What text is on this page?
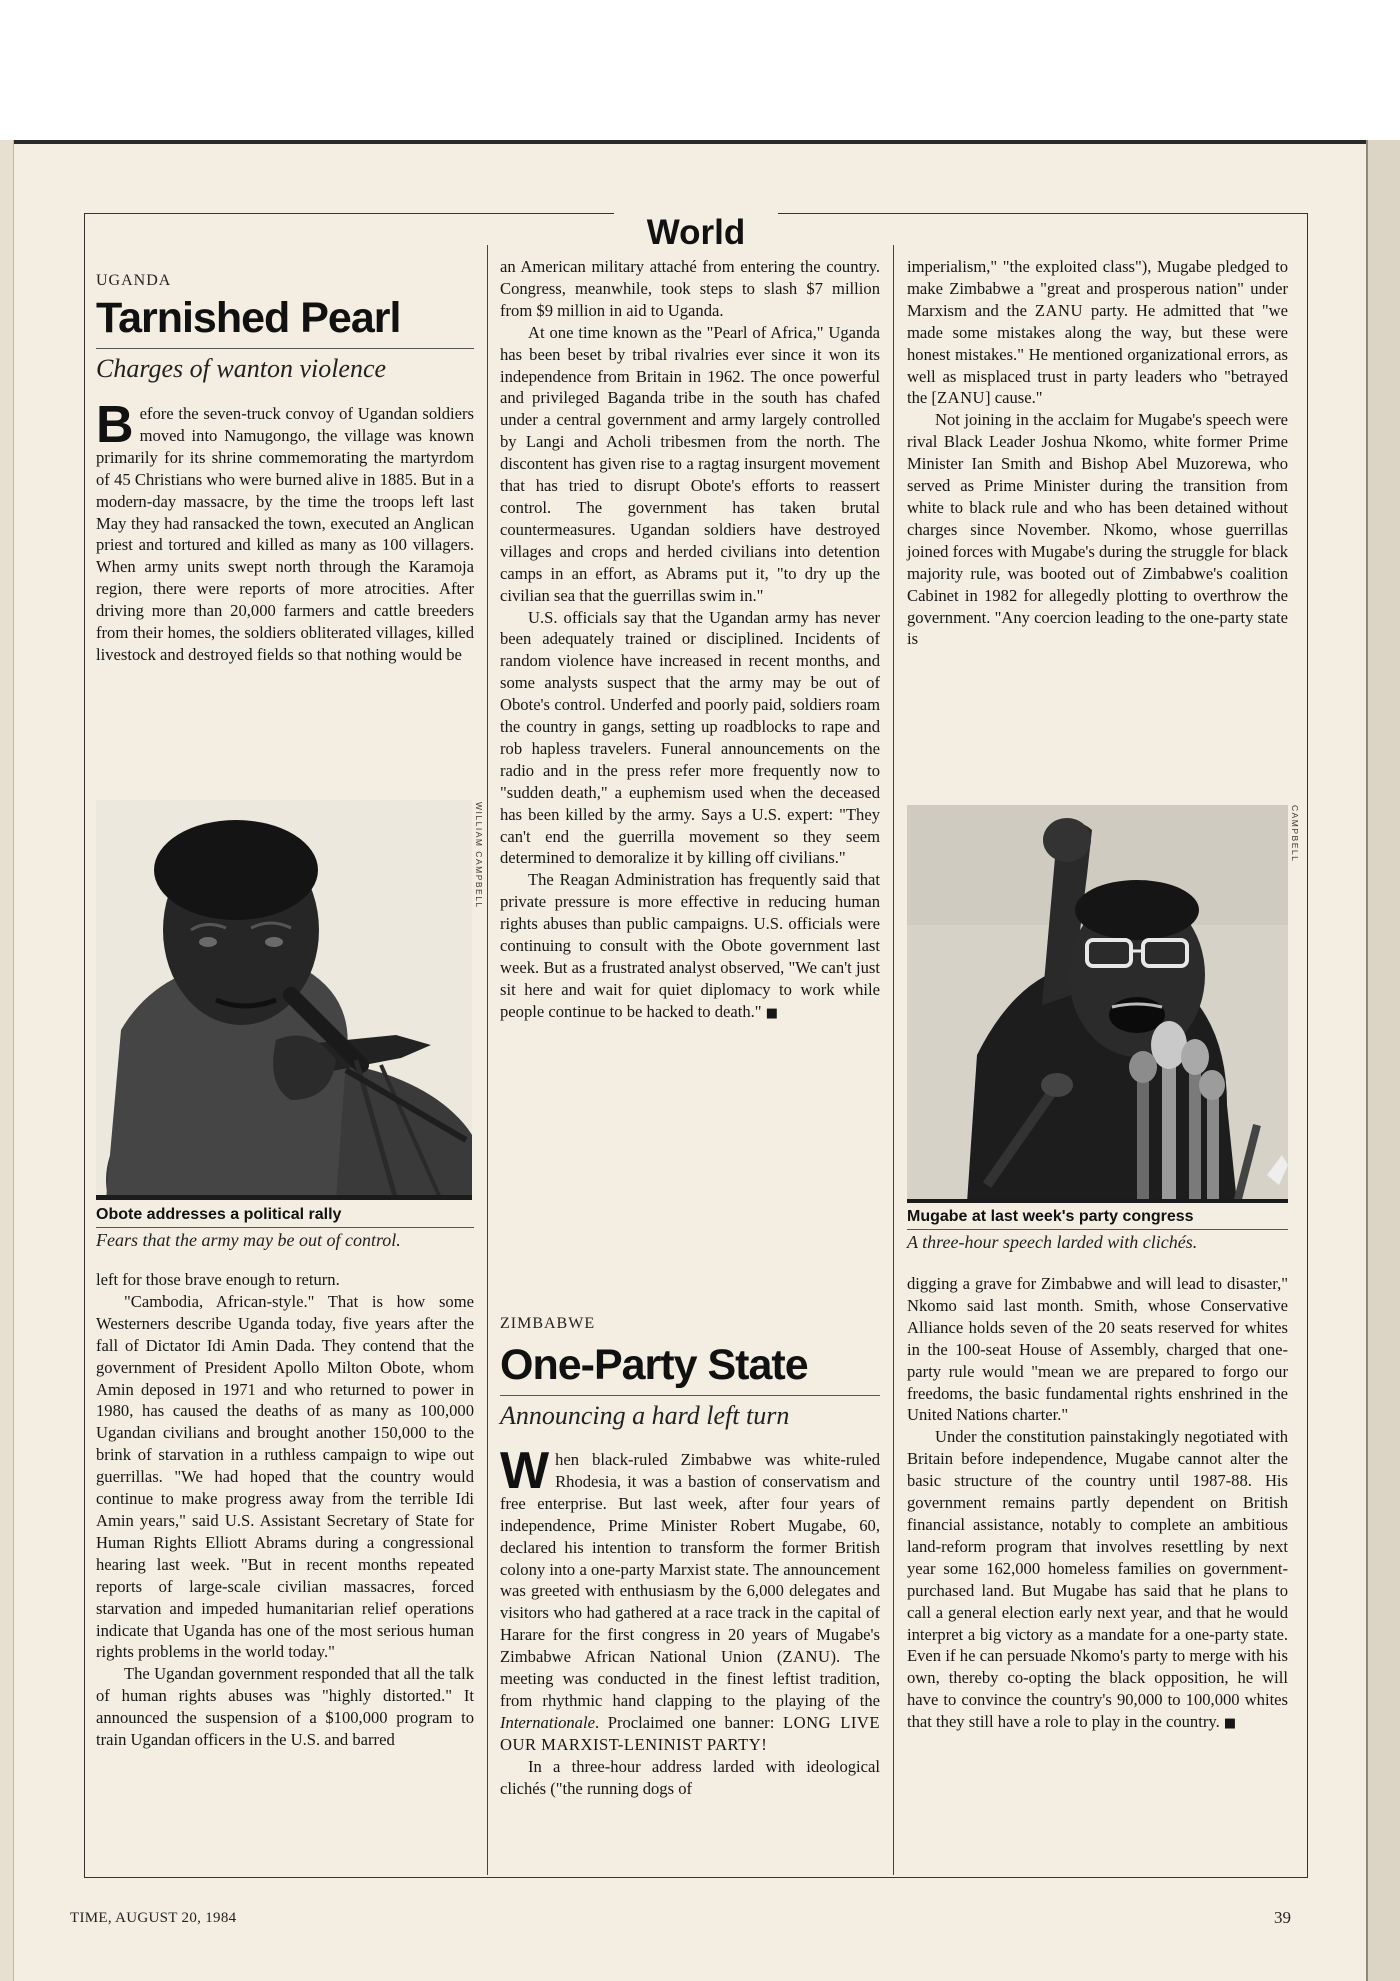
World
UGANDA
Tarnished Pearl
Charges of wanton violence

Before the seven-truck convoy of Ugandan soldiers moved into Namugongo, the village was known primarily for its shrine commemorating the martyrdom of 45 Christians who were burned alive in 1885. But in a modern-day massacre, by the time the troops left last May they had ransacked the town, executed an Anglican priest and tortured and killed as many as 100 villagers. When army units swept north through the Karamoja region, there were reports of more atrocities. After driving more than 20,000 farmers and cattle breeders from their homes, the soldiers obliterated villages, killed livestock and destroyed fields so that nothing would be

WILLIAM CAMPBELL
Obote addresses a political rally
Fears that the army may be out of control.

left for those brave enough to return.

"Cambodia, African-style." That is how some Westerners describe Uganda today, five years after the fall of Dictator Idi Amin Dada. They contend that the government of President Apollo Milton Obote, whom Amin deposed in 1971 and who returned to power in 1980, has caused the deaths of as many as 100,000 Ugandan civilians and brought another 150,000 to the brink of starvation in a ruthless campaign to wipe out guerrillas. "We had hoped that the country would continue to make progress away from the terrible Idi Amin years," said U.S. Assistant Secretary of State for Human Rights Elliott Abrams during a congressional hearing last week. "But in recent months repeated reports of large-scale civilian massacres, forced starvation and impeded humanitarian relief operations indicate that Uganda has one of the most serious human rights problems in the world today."

The Ugandan government responded that all the talk of human rights abuses was "highly distorted." It announced the suspension of a $100,000 program to train Ugandan officers in the U.S. and barred

an American military attaché from entering the country. Congress, meanwhile, took steps to slash $7 million from $9 million in aid to Uganda.

At one time known as the "Pearl of Africa," Uganda has been beset by tribal rivalries ever since it won its independence from Britain in 1962. The once powerful and privileged Baganda tribe in the south has chafed under a central government and army largely controlled by Langi and Acholi tribesmen from the north. The discontent has given rise to a ragtag insurgent movement that has tried to disrupt Obote's efforts to reassert control. The government has taken brutal countermeasures. Ugandan soldiers have destroyed villages and crops and herded civilians into detention camps in an effort, as Abrams put it, "to dry up the civilian sea that the guerrillas swim in."

U.S. officials say that the Ugandan army has never been adequately trained or disciplined. Incidents of random violence have increased in recent months, and some analysts suspect that the army may be out of Obote's control. Underfed and poorly paid, soldiers roam the country in gangs, setting up roadblocks to rape and rob hapless travelers. Funeral announcements on the radio and in the press refer more frequently now to "sudden death," a euphemism used when the deceased has been killed by the army. Says a U.S. expert: "They can't end the guerrilla movement so they seem determined to demoralize it by killing off civilians."

The Reagan Administration has frequently said that private pressure is more effective in reducing human rights abuses than public campaigns. U.S. officials were continuing to consult with the Obote government last week. But as a frustrated analyst observed, "We can't just sit here and wait for quiet diplomacy to work while people continue to be hacked to death." ■

ZIMBABWE
One-Party State
Announcing a hard left turn

When black-ruled Zimbabwe was white-ruled Rhodesia, it was a bastion of conservatism and free enterprise. But last week, after four years of independence, Prime Minister Robert Mugabe, 60, declared his intention to transform the former British colony into a one-party Marxist state. The announcement was greeted with enthusiasm by the 6,000 delegates and visitors who had gathered at a race track in the capital of Harare for the first congress in 20 years of Mugabe's Zimbabwe African National Union (ZANU). The meeting was conducted in the finest leftist tradition, from rhythmic hand clapping to the playing of the Internationale. Proclaimed one banner: LONG LIVE OUR MARXIST-LENINIST PARTY!

In a three-hour address larded with ideological clichés ("the running dogs of

imperialism," "the exploited class"), Mugabe pledged to make Zimbabwe a "great and prosperous nation" under Marxism and the ZANU party. He admitted that "we made some mistakes along the way, but these were honest mistakes." He mentioned organizational errors, as well as misplaced trust in party leaders who "betrayed the [ZANU] cause."

Not joining in the acclaim for Mugabe's speech were rival Black Leader Joshua Nkomo, white former Prime Minister Ian Smith and Bishop Abel Muzorewa, who served as Prime Minister during the transition from white to black rule and who has been detained without charges since November. Nkomo, whose guerrillas joined forces with Mugabe's during the struggle for black majority rule, was booted out of Zimbabwe's coalition Cabinet in 1982 for allegedly plotting to overthrow the government. "Any coercion leading to the one-party state is

CAMPBELL
Mugabe at last week's party congress
A three-hour speech larded with clichés.

digging a grave for Zimbabwe and will lead to disaster," Nkomo said last month. Smith, whose Conservative Alliance holds seven of the 20 seats reserved for whites in the 100-seat House of Assembly, charged that one-party rule would "mean we are prepared to forgo our freedoms, the basic fundamental rights enshrined in the United Nations charter."

Under the constitution painstakingly negotiated with Britain before independence, Mugabe cannot alter the basic structure of the country until 1987-88. His government remains partly dependent on British financial assistance, notably to complete an ambitious land-reform program that involves resettling by next year some 162,000 homeless families on government-purchased land. But Mugabe has said that he plans to call a general election early next year, and that he would interpret a big victory as a mandate for a one-party state. Even if he can persuade Nkomo's party to merge with his own, thereby co-opting the black opposition, he will have to convince the country's 90,000 to 100,000 whites that they still have a role to play in the country. ■

TIME, AUGUST 20, 1984	39
